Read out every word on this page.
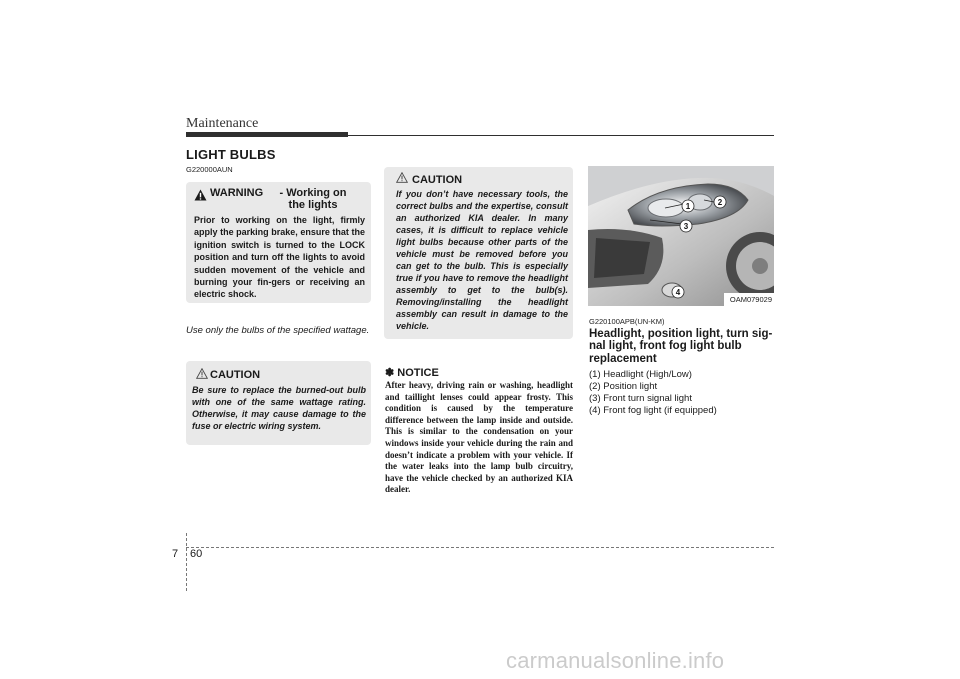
Maintenance
LIGHT BULBS
G220000AUN
WARNING - Working on the lights
Prior to working on the light, firmly apply the parking brake, ensure that the ignition switch is turned to the LOCK position and turn off the lights to avoid sudden movement of the vehicle and burning your fin-gers or receiving an electric shock.
Use only the bulbs of the specified wattage.
CAUTION
Be sure to replace the burned-out bulb with one of the same wattage rating. Otherwise, it may cause damage to the fuse or electric wiring system.
CAUTION
If you don’t have necessary tools, the correct bulbs and the expertise, consult an authorized KIA dealer. In many cases, it is difficult to replace vehicle light bulbs because other parts of the vehicle must be removed before you can get to the bulb. This is especially true if you have to remove the headlight assembly to get to the bulb(s). Removing/installing the headlight assembly can result in damage to the vehicle.
✽ NOTICE
After heavy, driving rain or washing, headlight and taillight lenses could appear frosty. This condition is caused by the temperature difference between the lamp inside and outside. This is similar to the condensation on your windows inside your vehicle during the rain and doesn’t indicate a problem with your vehicle. If the water leaks into the lamp bulb circuitry, have the vehicle checked by an authorized KIA dealer.
1	2
3
4
OAM079029
G220100APB(UN-KM)
Headlight, position light, turn sig-nal light, front fog light bulb replacement
(1) Headlight (High/Low)
(2) Position light
(3) Front turn signal light
(4) Front fog light (if equipped)
7 60
carmanualsonline.info
